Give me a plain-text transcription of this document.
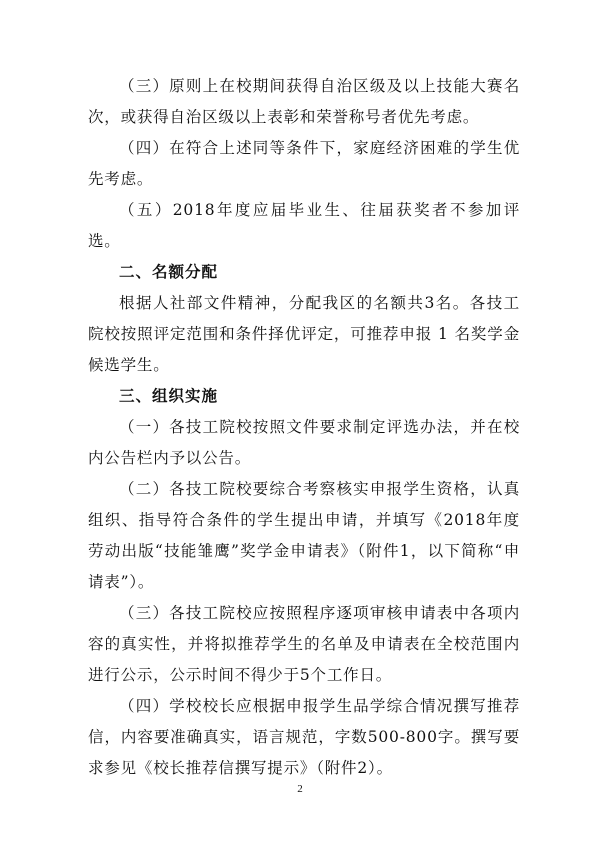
（三）原则上在校期间获得自治区级及以上技能大赛名次，或获得自治区级以上表彰和荣誉称号者优先考虑。

（四）在符合上述同等条件下，家庭经济困难的学生优先考虑。

（五）2018年度应届毕业生、往届获奖者不参加评选。

二、名额分配

根据人社部文件精神，分配我区的名额共3名。各技工院校按照评定范围和条件择优评定，可推荐申报 1 名奖学金候选学生。

三、组织实施

（一）各技工院校按照文件要求制定评选办法，并在校内公告栏内予以公告。

（二）各技工院校要综合考察核实申报学生资格，认真组织、指导符合条件的学生提出申请，并填写《2018年度劳动出版“技能雏鹰”奖学金申请表》（附件1，以下简称“申请表”）。

（三）各技工院校应按照程序逐项审核申请表中各项内容的真实性，并将拟推荐学生的名单及申请表在全校范围内进行公示，公示时间不得少于5个工作日。

（四）学校校长应根据申报学生品学综合情况撰写推荐信，内容要准确真实，语言规范，字数500-800字。撰写要求参见《校长推荐信撰写提示》（附件2）。

2
